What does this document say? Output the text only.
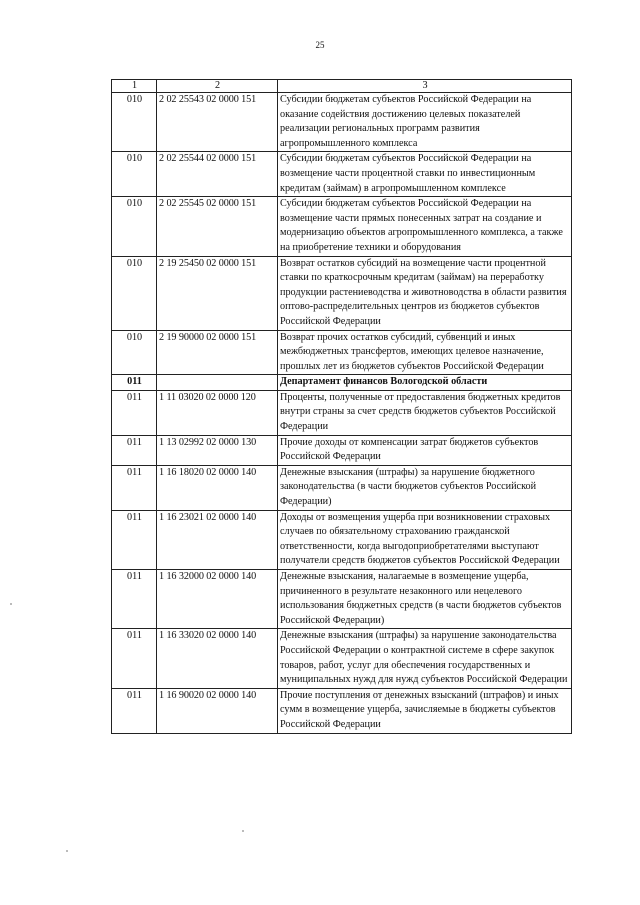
25
1	2	3
010	2 02 25543 02 0000 151	Субсидии бюджетам субъектов Российской Федерации на оказание содействия достижению целевых показателей реализации региональных программ развития агропромышленного комплекса
010	2 02 25544 02 0000 151	Субсидии бюджетам субъектов Российской Федерации на возмещение части процентной ставки по инвестиционным кредитам (займам) в агропромышленном комплексе
010	2 02 25545 02 0000 151	Субсидии бюджетам субъектов Российской Федерации на возмещение части прямых понесенных затрат на создание и модернизацию объектов агропромышленного комплекса, а также на приобретение техники и оборудования
010	2 19 25450 02 0000 151	Возврат остатков субсидий на возмещение части процентной ставки по краткосрочным кредитам (займам) на переработку продукции растениеводства и животноводства в области развития оптово-распределительных центров из бюджетов субъектов Российской Федерации
010	2 19 90000 02 0000 151	Возврат прочих остатков субсидий, субвенций и иных межбюджетных трансфертов, имеющих целевое назначение, прошлых лет из бюджетов субъектов Российской Федерации
011		Департамент финансов Вологодской области
011	1 11 03020 02 0000 120	Проценты, полученные от предоставления бюджетных кредитов внутри страны за счет средств бюджетов субъектов Российской Федерации
011	1 13 02992 02 0000 130	Прочие доходы от компенсации затрат бюджетов субъектов Российской Федерации
011	1 16 18020 02 0000 140	Денежные взыскания (штрафы) за нарушение бюджетного законодательства (в части бюджетов субъектов Российской Федерации)
011	1 16 23021 02 0000 140	Доходы от возмещения ущерба при возникновении страховых случаев по обязательному страхованию гражданской ответственности, когда выгодоприобретателями выступают получатели средств бюджетов субъектов Российской Федерации
011	1 16 32000 02 0000 140	Денежные взыскания, налагаемые в возмещение ущерба, причиненного в результате незаконного или нецелевого использования бюджетных средств (в части бюджетов субъектов Российской Федерации)
011	1 16 33020 02 0000 140	Денежные взыскания (штрафы) за нарушение законодательства Российской Федерации о контрактной системе в сфере закупок товаров, работ, услуг для обеспечения государственных и муниципальных нужд для нужд субъектов Российской Федерации
011	1 16 90020 02 0000 140	Прочие поступления от денежных взысканий (штрафов) и иных сумм в возмещение ущерба, зачисляемые в бюджеты субъектов Российской Федерации
